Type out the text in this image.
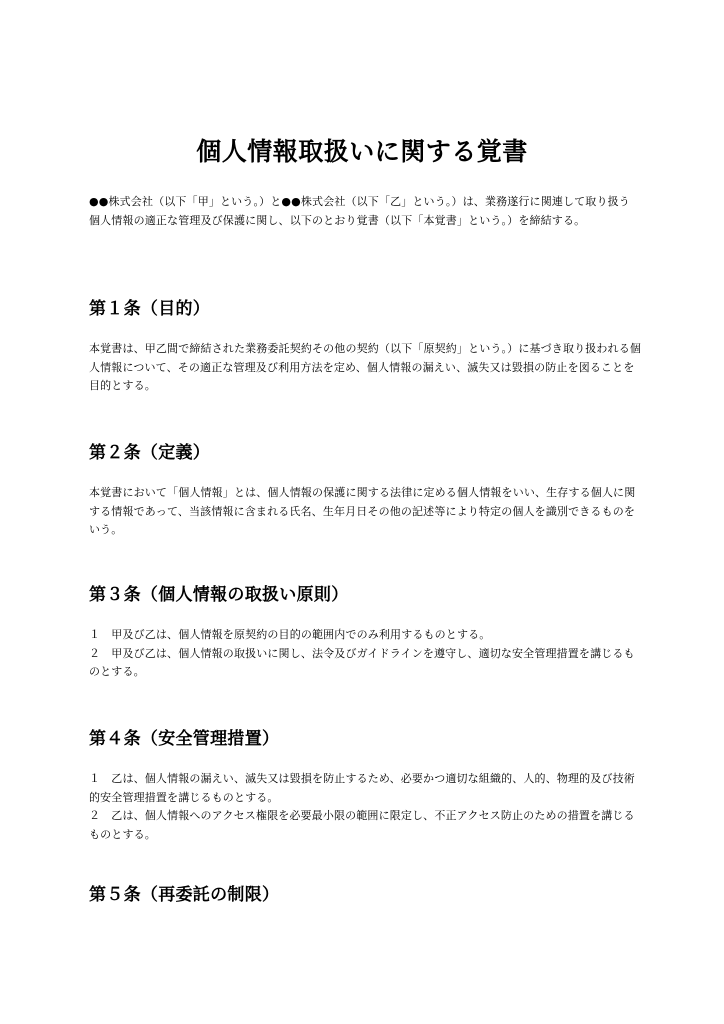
個人情報取扱いに関する覚書

●●株式会社（以下「甲」という。）と●●株式会社（以下「乙」という。）は、業務遂行に関連して取り扱う個人情報の適正な管理及び保護に関し、以下のとおり覚書（以下「本覚書」という。）を締結する。

第１条（目的）
本覚書は、甲乙間で締結された業務委託契約その他の契約（以下「原契約」という。）に基づき取り扱われる個人情報について、その適正な管理及び利用方法を定め、個人情報の漏えい、滅失又は毀損の防止を図ることを目的とする。
第２条（定義）
本覚書において「個人情報」とは、個人情報の保護に関する法律に定める個人情報をいい、生存する個人に関する情報であって、当該情報に含まれる氏名、生年月日その他の記述等により特定の個人を識別できるものをいう。
第３条（個人情報の取扱い原則）
１　甲及び乙は、個人情報を原契約の目的の範囲内でのみ利用するものとする。
２　甲及び乙は、個人情報の取扱いに関し、法令及びガイドラインを遵守し、適切な安全管理措置を講じるものとする。
第４条（安全管理措置）
１　乙は、個人情報の漏えい、滅失又は毀損を防止するため、必要かつ適切な組織的、人的、物理的及び技術的安全管理措置を講じるものとする。
２　乙は、個人情報へのアクセス権限を必要最小限の範囲に限定し、不正アクセス防止のための措置を講じるものとする。
第５条（再委託の制限）
